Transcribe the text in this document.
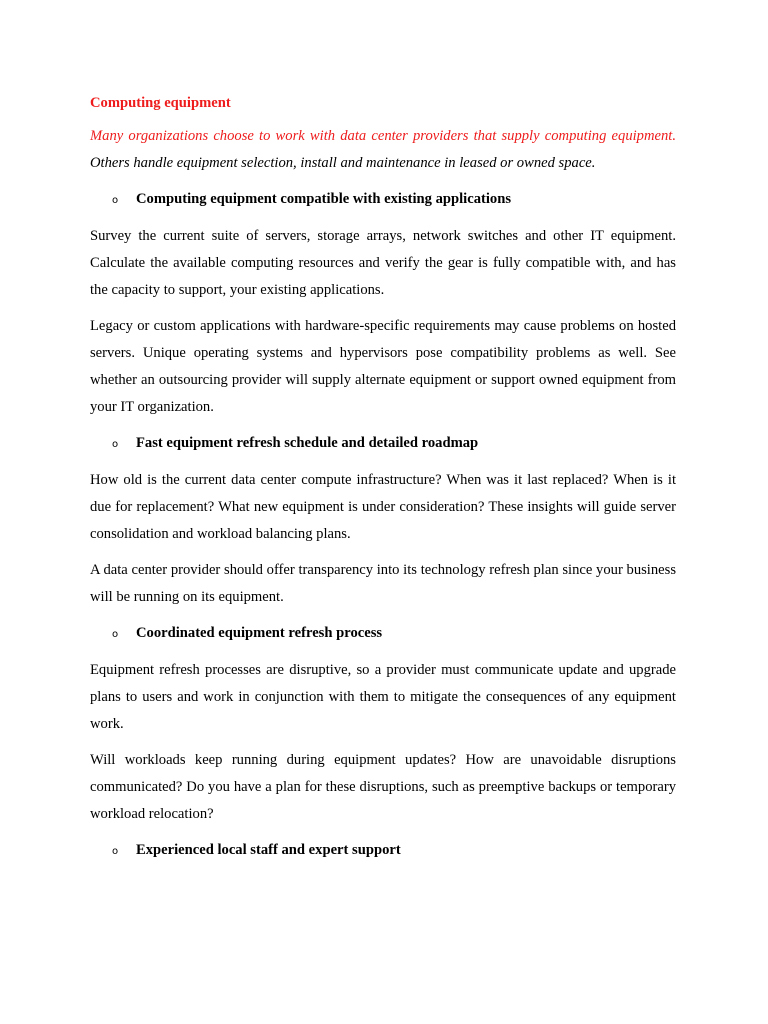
Computing equipment

Many organizations choose to work with data center providers that supply computing equipment. Others handle equipment selection, install and maintenance in leased or owned space.

o	Computing equipment compatible with existing applications

Survey the current suite of servers, storage arrays, network switches and other IT equipment. Calculate the available computing resources and verify the gear is fully compatible with, and has the capacity to support, your existing applications.

Legacy or custom applications with hardware-specific requirements may cause problems on hosted servers. Unique operating systems and hypervisors pose compatibility problems as well. See whether an outsourcing provider will supply alternate equipment or support owned equipment from your IT organization.

o	Fast equipment refresh schedule and detailed roadmap

How old is the current data center compute infrastructure? When was it last replaced? When is it due for replacement? What new equipment is under consideration? These insights will guide server consolidation and workload balancing plans.

A data center provider should offer transparency into its technology refresh plan since your business will be running on its equipment.

o	Coordinated equipment refresh process

Equipment refresh processes are disruptive, so a provider must communicate update and upgrade plans to users and work in conjunction with them to mitigate the consequences of any equipment work.

Will workloads keep running during equipment updates? How are unavoidable disruptions communicated? Do you have a plan for these disruptions, such as preemptive backups or temporary workload relocation?

o	Experienced local staff and expert support
